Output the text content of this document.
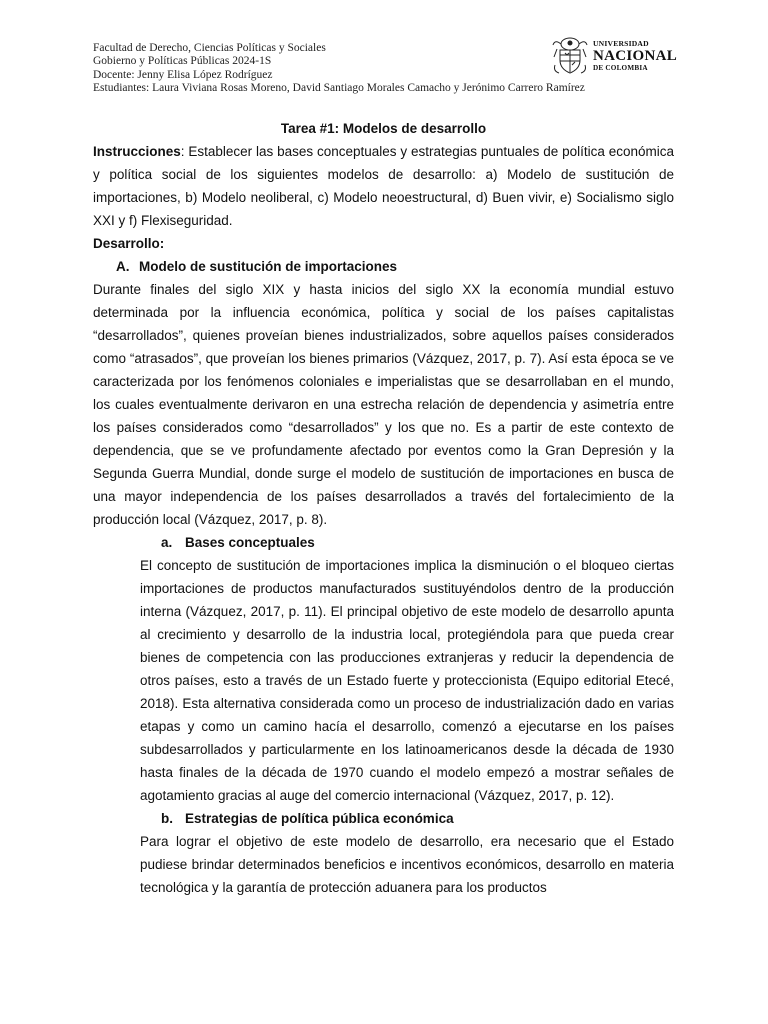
Facultad de Derecho, Ciencias Políticas y Sociales
Gobierno y Políticas Públicas 2024-1S
Docente: Jenny Elisa López Rodríguez
Estudiantes: Laura Viviana Rosas Moreno, David Santiago Morales Camacho y Jerónimo Carrero Ramírez
UNIVERSIDAD
NACIONAL
DE COLOMBIA
Tarea #1: Modelos de desarrollo

Instrucciones: Establecer las bases conceptuales y estrategias puntuales de política económica y política social de los siguientes modelos de desarrollo: a) Modelo de sustitución de importaciones, b) Modelo neoliberal, c) Modelo neoestructural, d) Buen vivir, e) Socialismo siglo XXI y f) Flexiseguridad.

Desarrollo:
A. Modelo de sustitución de importaciones

Durante finales del siglo XIX y hasta inicios del siglo XX la economía mundial estuvo determinada por la influencia económica, política y social de los países capitalistas “desarrollados”, quienes proveían bienes industrializados, sobre aquellos países considerados como “atrasados”, que proveían los bienes primarios (Vázquez, 2017, p. 7). Así esta época se ve caracterizada por los fenómenos coloniales e imperialistas que se desarrollaban en el mundo, los cuales eventualmente derivaron en una estrecha relación de dependencia y asimetría entre los países considerados como “desarrollados” y los que no. Es a partir de este contexto de dependencia, que se ve profundamente afectado por eventos como la Gran Depresión y la Segunda Guerra Mundial, donde surge el modelo de sustitución de importaciones en busca de una mayor independencia de los países desarrollados a través del fortalecimiento de la producción local (Vázquez, 2017, p. 8).

a. Bases conceptuales

El concepto de sustitución de importaciones implica la disminución o el bloqueo ciertas importaciones de productos manufacturados sustituyéndolos dentro de la producción interna (Vázquez, 2017, p. 11). El principal objetivo de este modelo de desarrollo apunta al crecimiento y desarrollo de la industria local, protegiéndola para que pueda crear bienes de competencia con las producciones extranjeras y reducir la dependencia de otros países, esto a través de un Estado fuerte y proteccionista (Equipo editorial Etecé, 2018). Esta alternativa considerada como un proceso de industrialización dado en varias etapas y como un camino hacía el desarrollo, comenzó a ejecutarse en los países subdesarrollados y particularmente en los latinoamericanos desde la década de 1930 hasta finales de la década de 1970 cuando el modelo empezó a mostrar señales de agotamiento gracias al auge del comercio internacional (Vázquez, 2017, p. 12).

b. Estrategias de política pública económica

Para lograr el objetivo de este modelo de desarrollo, era necesario que el Estado pudiese brindar determinados beneficios e incentivos económicos, desarrollo en materia tecnológica y la garantía de protección aduanera para los productos
